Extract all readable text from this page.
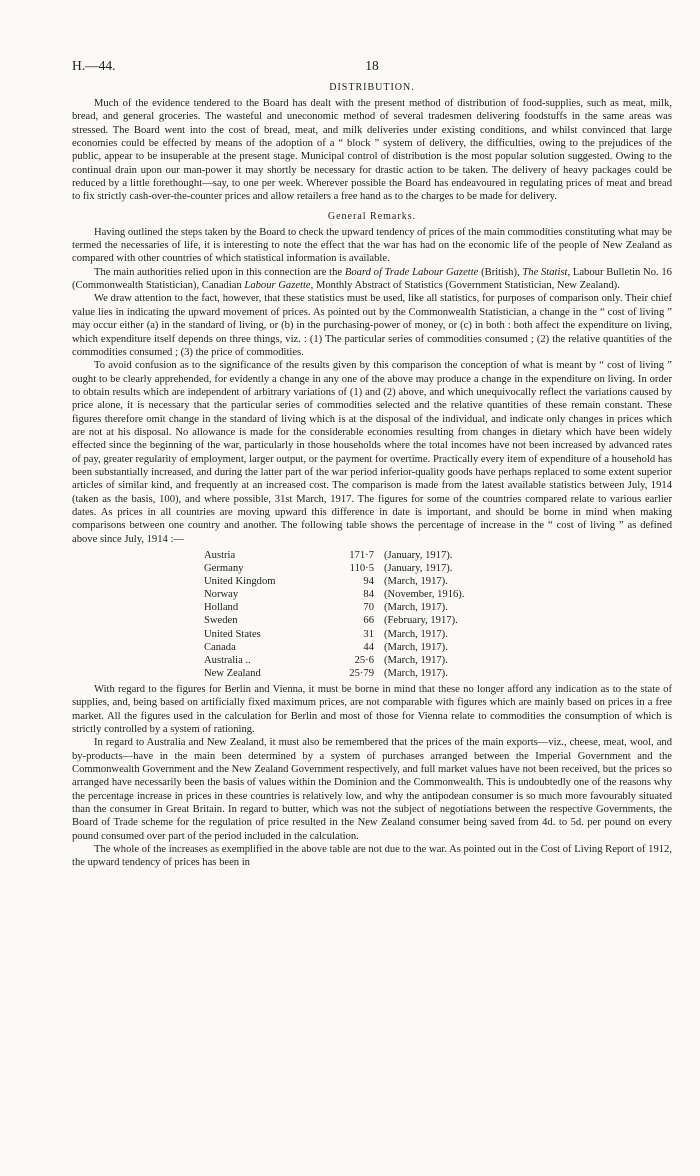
H.—44.	18
DISTRIBUTION.

Much of the evidence tendered to the Board has dealt with the present method of distribution of food-supplies, such as meat, milk, bread, and general groceries. The wasteful and uneconomic method of several tradesmen delivering foodstuffs in the same areas was stressed. The Board went into the cost of bread, meat, and milk deliveries under existing conditions, and whilst convinced that large economies could be effected by means of the adoption of a “ block ” system of delivery, the difficulties, owing to the prejudices of the public, appear to be insuperable at the present stage. Municipal control of distribution is the most popular solution suggested. Owing to the continual drain upon our man-power it may shortly be necessary for drastic action to be taken. The delivery of heavy packages could be reduced by a little forethought—say, to one per week. Wherever possible the Board has endeavoured in regulating prices of meat and bread to fix strictly cash-over-the-counter prices and allow retailers a free hand as to the charges to be made for delivery.

General Remarks.

Having outlined the steps taken by the Board to check the upward tendency of prices of the main commodities constituting what may be termed the necessaries of life, it is interesting to note the effect that the war has had on the economic life of the people of New Zealand as compared with other countries of which statistical information is available.

The main authorities relied upon in this connection are the Board of Trade Labour Gazette (British), The Statist, Labour Bulletin No. 16 (Commonwealth Statistician), Canadian Labour Gazette, Monthly Abstract of Statistics (Government Statistician, New Zealand).

We draw attention to the fact, however, that these statistics must be used, like all statistics, for purposes of comparison only. Their chief value lies in indicating the upward movement of prices. As pointed out by the Commonwealth Statistician, a change in the “ cost of living ” may occur either (a) in the standard of living, or (b) in the purchasing-power of money, or (c) in both : both affect the expenditure on living, which expenditure itself depends on three things, viz. : (1) The particular series of commodities consumed ; (2) the relative quantities of the commodities consumed ; (3) the price of commodities.

To avoid confusion as to the significance of the results given by this comparison the conception of what is meant by “ cost of living ” ought to be clearly apprehended, for evidently a change in any one of the above may produce a change in the expenditure on living. In order to obtain results which are independent of arbitrary variations of (1) and (2) above, and which unequivocally reflect the variations caused by price alone, it is necessary that the particular series of commodities selected and the relative quantities of these remain constant. These figures therefore omit change in the standard of living which is at the disposal of the individual, and indicate only changes in prices which are not at his disposal. No allowance is made for the considerable economies resulting from changes in dietary which have been widely effected since the beginning of the war, particularly in those households where the total incomes have not been increased by advanced rates of pay, greater regularity of employment, larger output, or the payment for overtime. Practically every item of expenditure of a household has been substantially increased, and during the latter part of the war period inferior-quality goods have perhaps replaced to some extent superior articles of similar kind, and frequently at an increased cost. The comparison is made from the latest available statistics between July, 1914 (taken as the basis, 100), and where possible, 31st March, 1917. The figures for some of the countries compared relate to various earlier dates. As prices in all countries are moving upward this difference in date is important, and should be borne in mind when making comparisons between one country and another. The following table shows the percentage of increase in the “ cost of living ” as defined above since July, 1914 :—

Austria	171·7 (January, 1917).
Germany	110·5 (January, 1917).
United Kingdom	94 (March, 1917).
Norway	84 (November, 1916).
Holland	70 (March, 1917).
Sweden	66 (February, 1917).
United States	31 (March, 1917).
Canada	44 (March, 1917).
Australia ..	25·6 (March, 1917).
New Zealand	25·79 (March, 1917).

With regard to the figures for Berlin and Vienna, it must be borne in mind that these no longer afford any indication as to the state of supplies, and, being based on artificially fixed maximum prices, are not comparable with figures which are mainly based on prices in a free market. All the figures used in the calculation for Berlin and most of those for Vienna relate to commodities the consumption of which is strictly controlled by a system of rationing.

In regard to Australia and New Zealand, it must also be remembered that the prices of the main exports—viz., cheese, meat, wool, and by-products—have in the main been determined by a system of purchases arranged between the Imperial Government and the Commonwealth Government and the New Zealand Government respectively, and full market values have not been received, but the prices so arranged have necessarily been the basis of values within the Dominion and the Commonwealth. This is undoubtedly one of the reasons why the percentage increase in prices in these countries is relatively low, and why the antipodean consumer is so much more favourably situated than the consumer in Great Britain. In regard to butter, which was not the subject of negotiations between the respective Governments, the Board of Trade scheme for the regulation of price resulted in the New Zealand consumer being saved from 4d. to 5d. per pound on every pound consumed over part of the period included in the calculation.

The whole of the increases as exemplified in the above table are not due to the war. As pointed out in the Cost of Living Report of 1912, the upward tendency of prices has been in
